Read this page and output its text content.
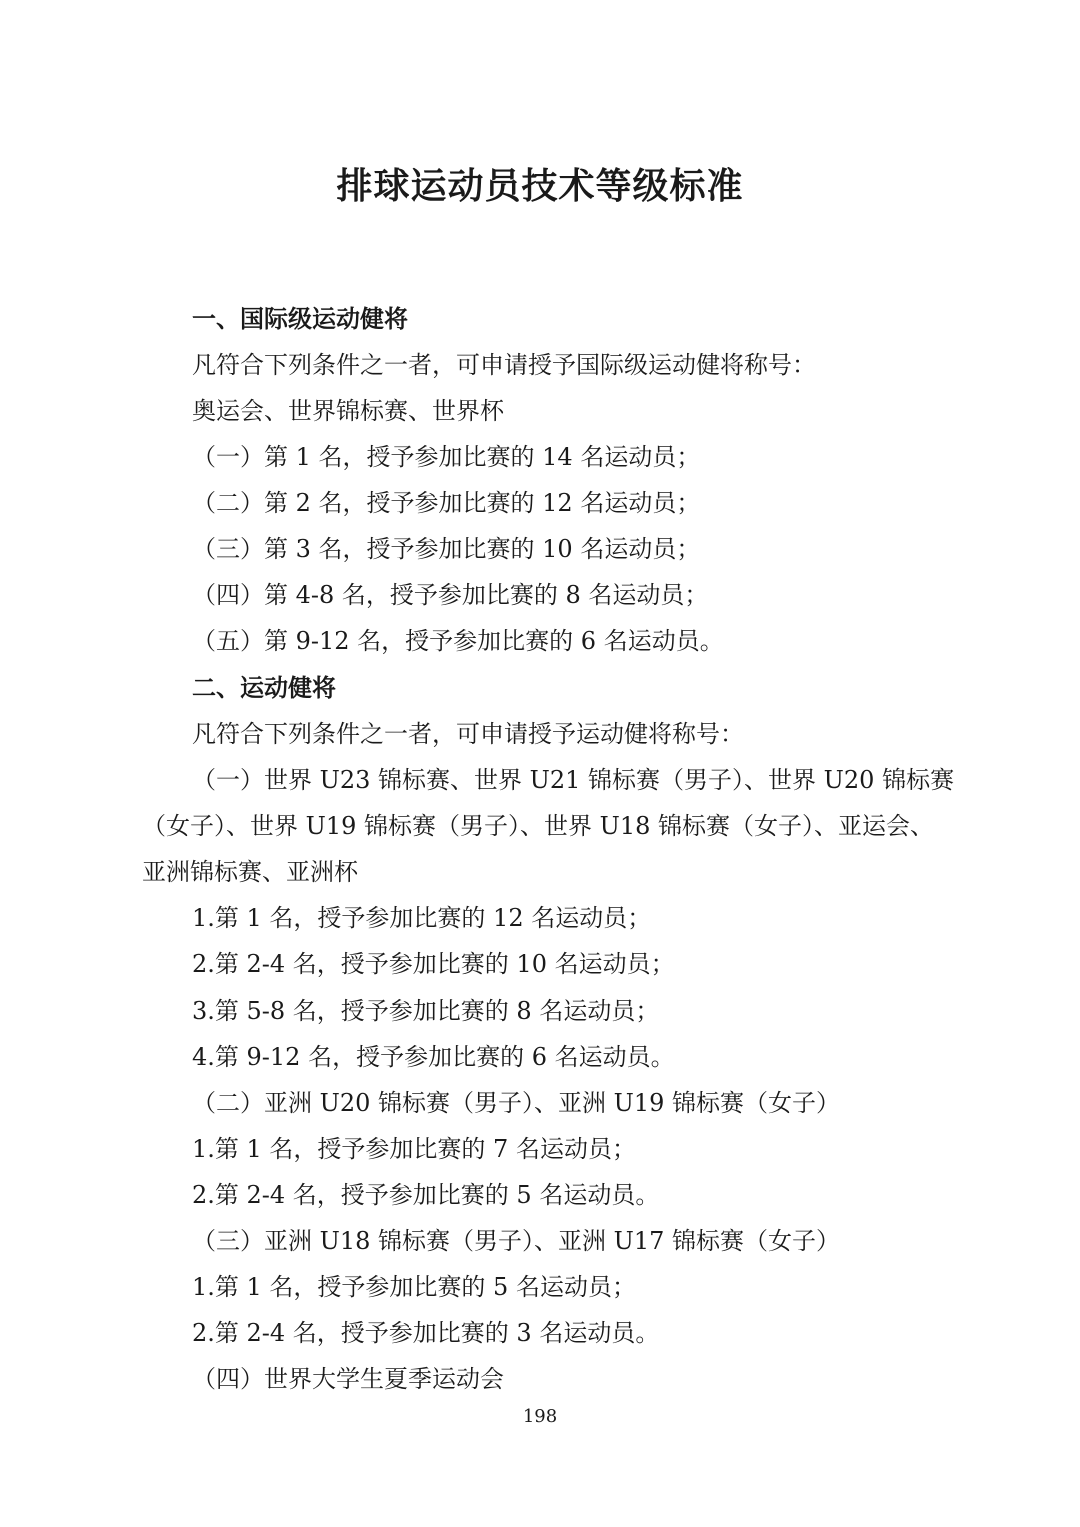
排球运动员技术等级标准
一、国际级运动健将
凡符合下列条件之一者，可申请授予国际级运动健将称号：
奥运会、世界锦标赛、世界杯
（一）第 1 名，授予参加比赛的 14 名运动员；
（二）第 2 名，授予参加比赛的 12 名运动员；
（三）第 3 名，授予参加比赛的 10 名运动员；
（四）第 4-8 名，授予参加比赛的 8 名运动员；
（五）第 9-12 名，授予参加比赛的 6 名运动员。
二、运动健将
凡符合下列条件之一者，可申请授予运动健将称号：
（一）世界 U23 锦标赛、世界 U21 锦标赛（男子）、世界 U20 锦标赛
（女子）、世界 U19 锦标赛（男子）、世界 U18 锦标赛（女子）、亚运会、
亚洲锦标赛、亚洲杯
1.第 1 名，授予参加比赛的 12 名运动员；
2.第 2-4 名，授予参加比赛的 10 名运动员；
3.第 5-8 名，授予参加比赛的 8 名运动员；
4.第 9-12 名，授予参加比赛的 6 名运动员。
（二）亚洲 U20 锦标赛（男子）、亚洲 U19 锦标赛（女子）
1.第 1 名，授予参加比赛的 7 名运动员；
2.第 2-4 名，授予参加比赛的 5 名运动员。
（三）亚洲 U18 锦标赛（男子）、亚洲 U17 锦标赛（女子）
1.第 1 名，授予参加比赛的 5 名运动员；
2.第 2-4 名，授予参加比赛的 3 名运动员。
（四）世界大学生夏季运动会
198
